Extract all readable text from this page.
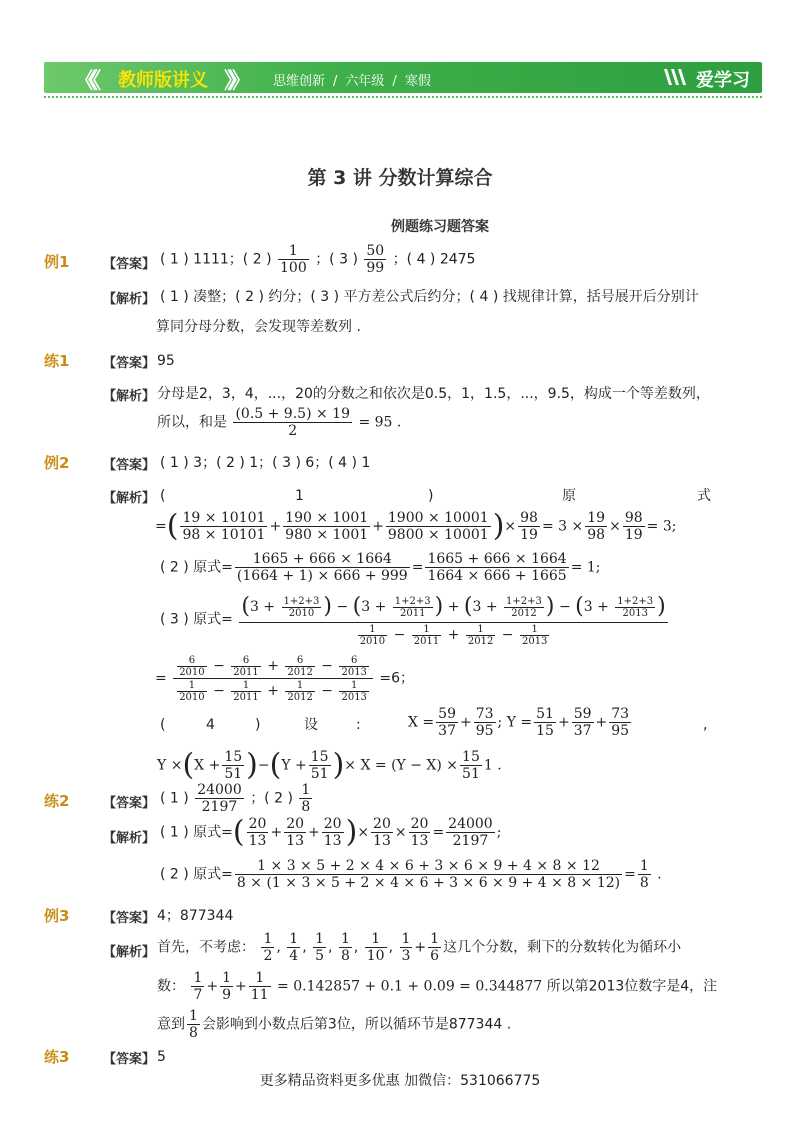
《《 教师版讲义 》》	思维创新 / 六年级 / 寒假	爱学习
第 3 讲 分数计算综合
例题练习题答案
例1	【答案】 ( 1 ) 1111；( 2 ) $\frac{1}{100}$ ；( 3 ) $\frac{50}{99}$ ；( 4 ) 2475
【解析】 ( 1 ) 凑整；( 2 ) 约分；( 3 ) 平方差公式后约分；( 4 ) 找规律计算，括号展开后分别计
算同分母分数，会发现等差数列 .
练1	【答案】 95
【解析】 分母是2，3，4，...，20的分数之和依次是0.5，1，1.5，...，9.5，构成一个等差数列，
所以，和是 $\frac{(0.5 + 9.5) \times 19}{2} = 95$ .
例2	【答案】 ( 1 ) 3；( 2 ) 1；( 3 ) 6；( 4 ) 1
【解析】 (	1	)	原	式
=( $\frac{19 \times 10101}{98 \times 10101} + \frac{190 \times 1001}{980 \times 1001} + \frac{1900 \times 10001}{9800 \times 10001}$ )× $\frac{98}{19} = 3 \times \frac{19}{98} \times \frac{98}{19} = 3$;
( 2 ) 原式= $\frac{1665 + 666 \times 1664}{(1664 + 1) \times 666 + 999} = \frac{1665 + 666 \times 1664}{1664 \times 666 + 1665} = 1$;
( 3 ) 原式=
($3 + \frac{1+2+3}{2010}$ ) − ($3 + \frac{1+2+3}{2011}$ ) + ($3 + \frac{1+2+3}{2012}$ ) − ($3 + \frac{1+2+3}{2013}$ )
$\frac{1}{2010} - \frac{1}{2011} + \frac{1}{2012} - \frac{1}{2013}$
= $\frac{\frac{6}{2010} - \frac{6}{2011} + \frac{6}{2012} - \frac{6}{2013}}{\frac{1}{2010} - \frac{1}{2011} + \frac{1}{2012} - \frac{1}{2013}} =6$；
(	4	)	设	:	$X = \frac{59}{37} + \frac{73}{95}$ ; $Y = \frac{51}{15} + \frac{59}{37} + \frac{73}{95}$	,
$Y \times(X + \frac{15}{51} )-(Y + \frac{15}{51}$ )× $X = (Y - X) \times \frac{15}{51} 1$ .
练2	【答案】 ( 1 ) $\frac{24000}{2197}$ ；( 2 ) $\frac{1}{8}$
【解析】 ( 1 ) 原式=( $\frac{20}{13} + \frac{20}{13} + \frac{20}{13}$ )× $\frac{20}{13} \times \frac{20}{13} = \frac{24000}{2197}$ ;
( 2 ) 原式= $\frac{1 \times 3 \times 5 + 2 \times 4 \times 6 + 3 \times 6 \times 9 + 4 \times 8 \times 12}{8 \times (1 \times 3 \times 5 + 2 \times 4 \times 6 + 3 \times 6 \times 9 + 4 \times 8 \times 12)} = \frac{1}{8}$ .
例3	【答案】 4；877344
【解析】 首先，不考虑： $\frac{1}{2}$ , $\frac{1}{4}$ , $\frac{1}{5}$ , $\frac{1}{8}$ , $\frac{1}{10}$ , $\frac{1}{3} + \frac{1}{6}$ 这几个分数，剩下的分数转化为循环小
数： $\frac{1}{7} + \frac{1}{9} + \frac{1}{11} = 0.142857 + 0.1 + 0.09 = 0.344877$ 所以第2013位数字是4，注
意到 $\frac{1}{8}$ 会影响到小数点后第3位，所以循环节是877344 .
练3	【答案】 5
更多精品资料更多优惠 加微信：531066775
